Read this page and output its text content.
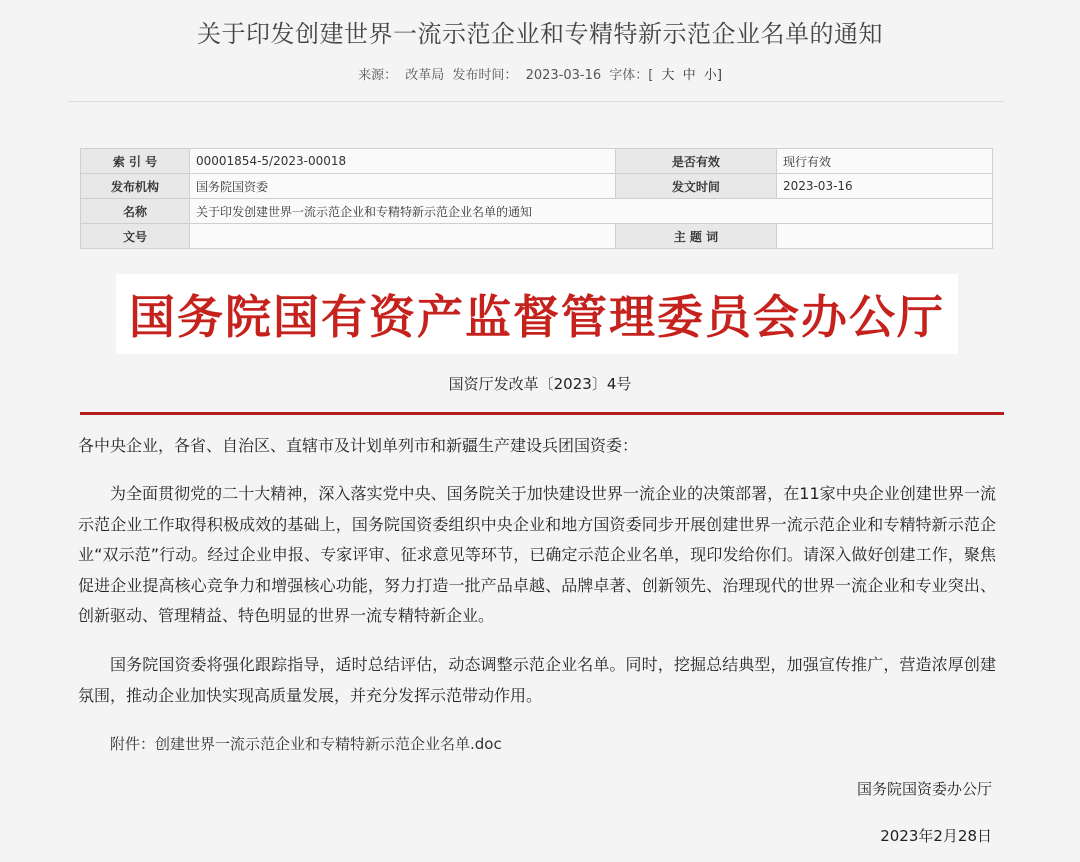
关于印发创建世界一流示范企业和专精特新示范企业名单的通知
来源： 改革局 发布时间： 2023-03-16 字体：[ 大 中 小]
索 引 号	00001854-5/2023-00018	是否有效	现行有效
发布机构	国务院国资委	发文时间	2023-03-16
名称	关于印发创建世界一流示范企业和专精特新示范企业名单的通知		
文号		主 题 词	
国务院国有资产监督管理委员会办公厅
国资厅发改革〔2023〕4号
各中央企业，各省、自治区、直辖市及计划单列市和新疆生产建设兵团国资委：
为全面贯彻党的二十大精神，深入落实党中央、国务院关于加快建设世界一流企业的决策部署，在11家中央企业创建世界一流示范企业工作取得积极成效的基础上，国务院国资委组织中央企业和地方国资委同步开展创建世界一流示范企业和专精特新示范企业“双示范”行动。经过企业申报、专家评审、征求意见等环节，已确定示范企业名单，现印发给你们。请深入做好创建工作，聚焦促进企业提高核心竞争力和增强核心功能，努力打造一批产品卓越、品牌卓著、创新领先、治理现代的世界一流企业和专业突出、创新驱动、管理精益、特色明显的世界一流专精特新企业。
国务院国资委将强化跟踪指导，适时总结评估，动态调整示范企业名单。同时，挖掘总结典型，加强宣传推广，营造浓厚创建氛围，推动企业加快实现高质量发展，并充分发挥示范带动作用。
附件：创建世界一流示范企业和专精特新示范企业名单.doc
国务院国资委办公厅
2023年2月28日
